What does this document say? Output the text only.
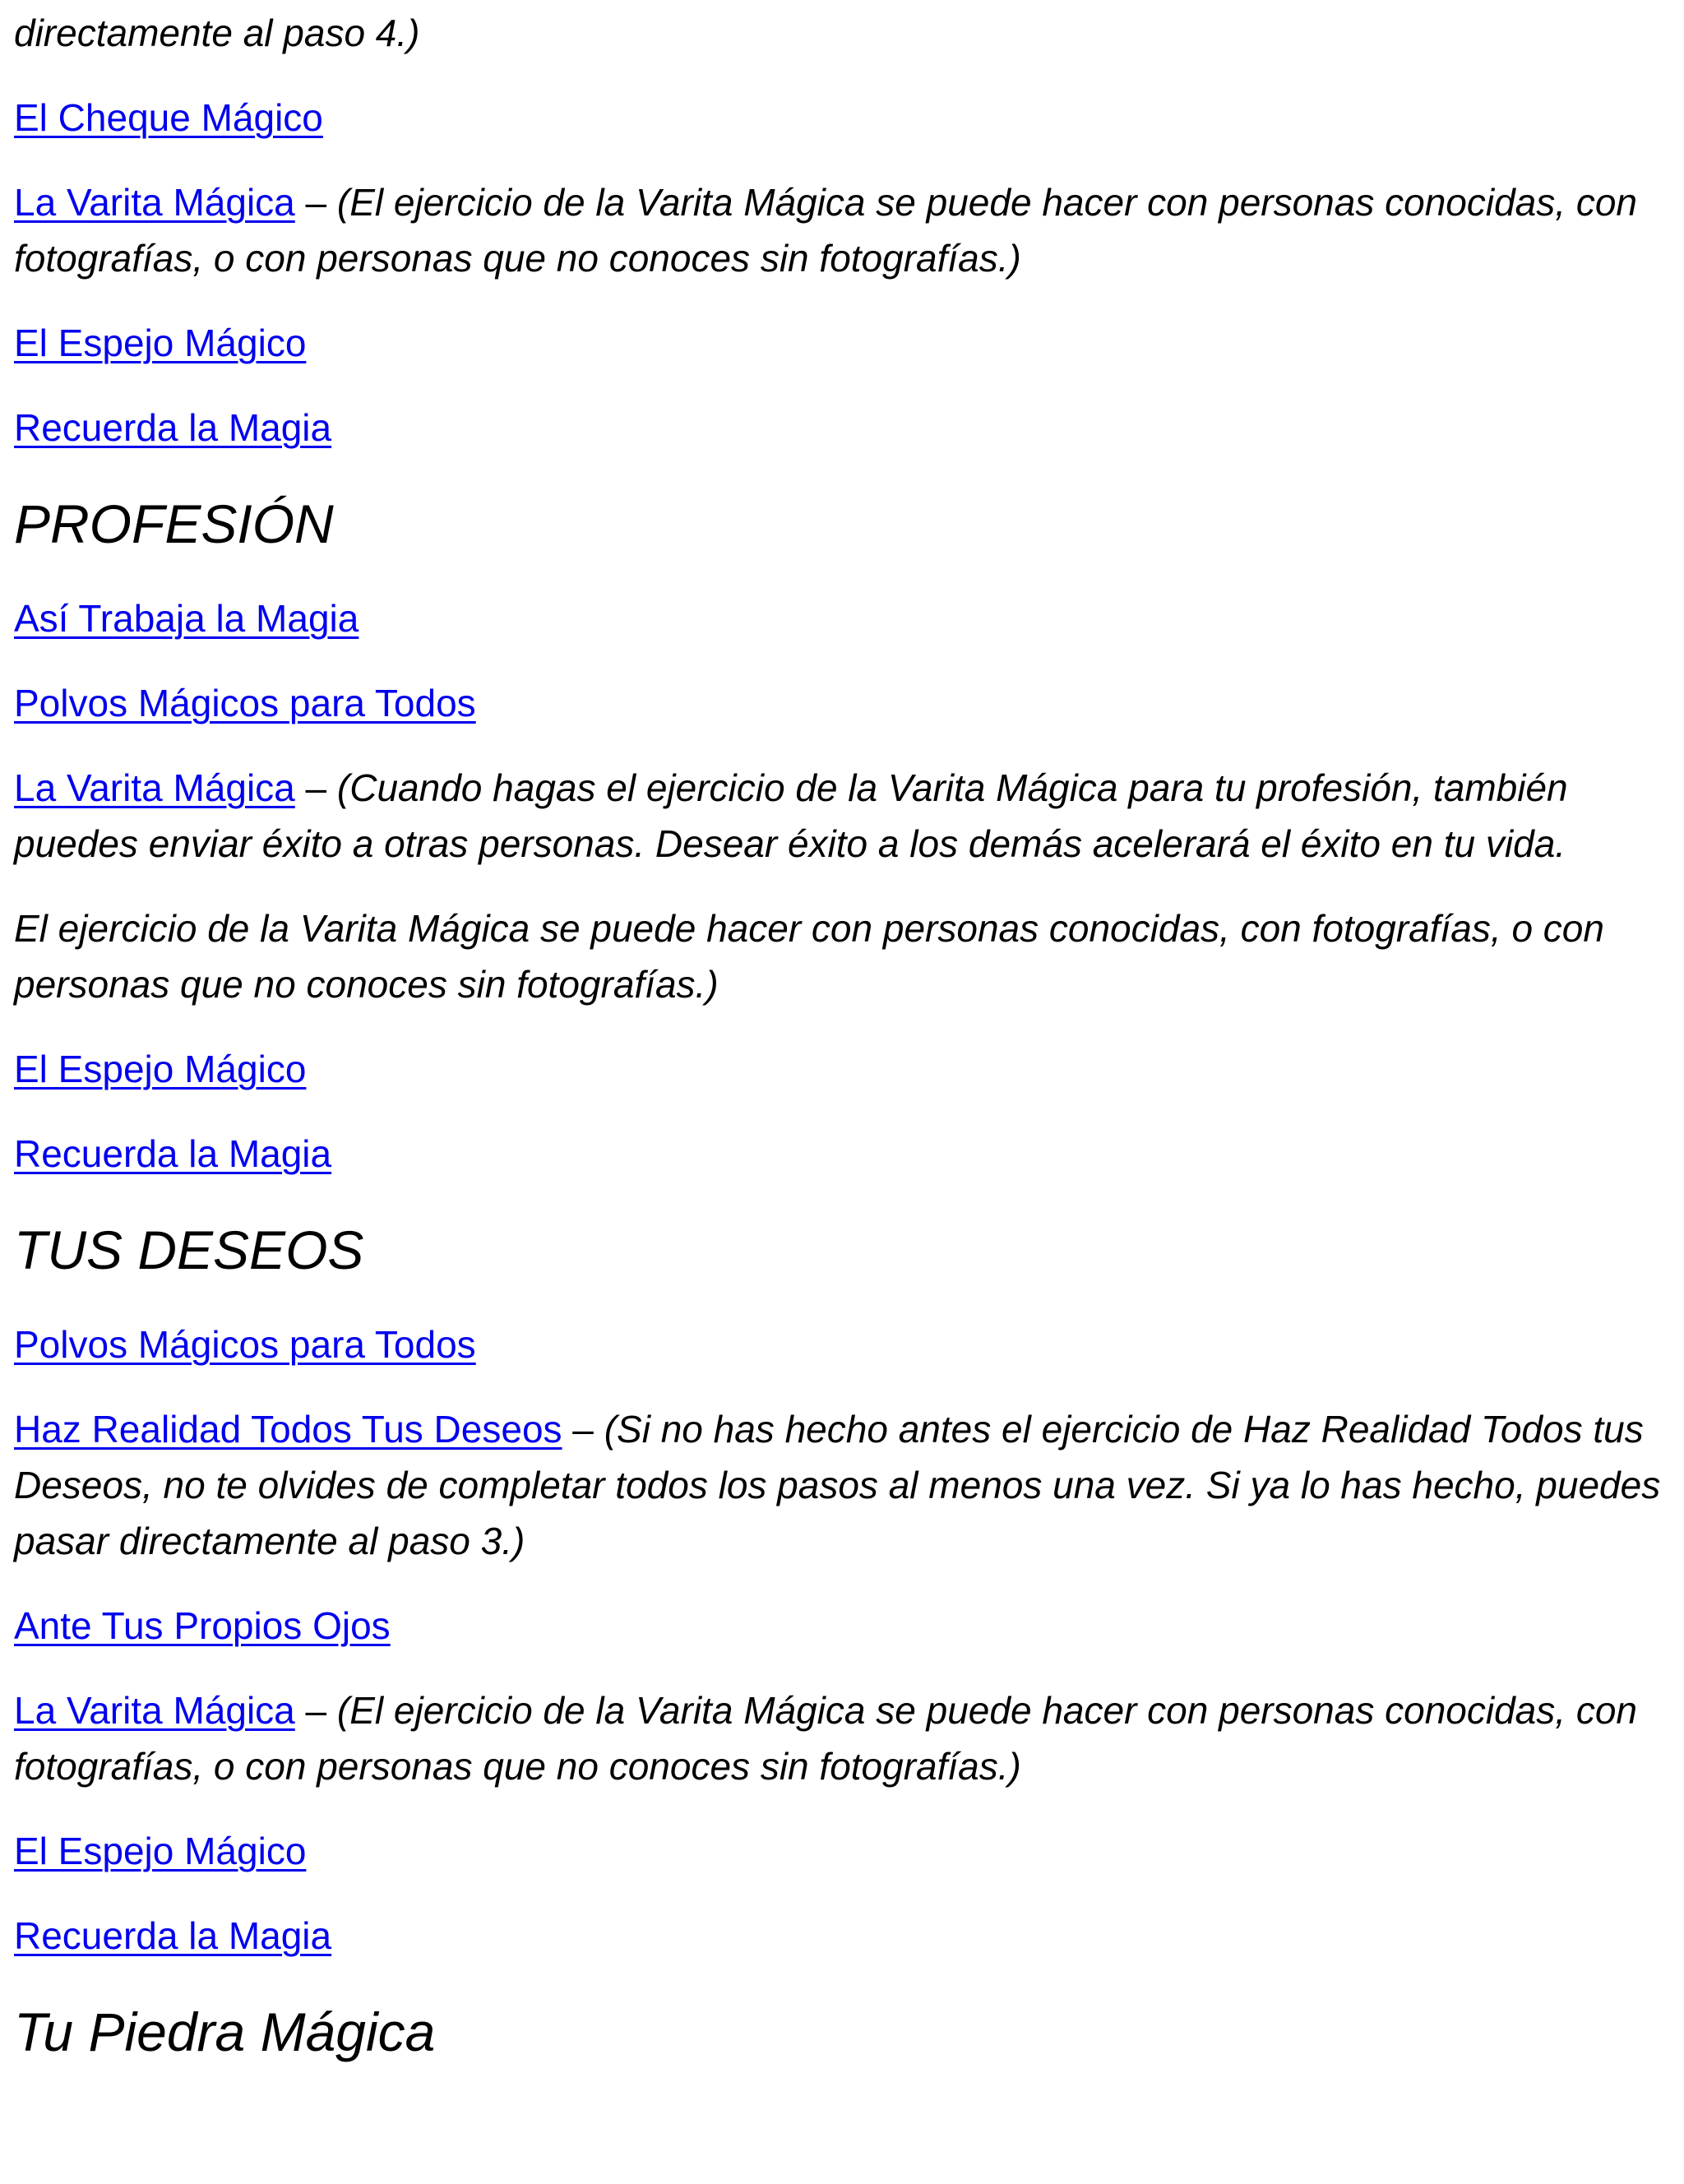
directamente al paso 4.)

El Cheque Mágico

La Varita Mágica – (El ejercicio de la Varita Mágica se puede hacer con personas conocidas, con fotografías, o con personas que no conoces sin fotografías.)

El Espejo Mágico

Recuerda la Magia

PROFESIÓN

Así Trabaja la Magia

Polvos Mágicos para Todos

La Varita Mágica – (Cuando hagas el ejercicio de la Varita Mágica para tu profesión, también puedes enviar éxito a otras personas. Desear éxito a los demás acelerará el éxito en tu vida.

El ejercicio de la Varita Mágica se puede hacer con personas conocidas, con fotografías, o con personas que no conoces sin fotografías.)

El Espejo Mágico

Recuerda la Magia

TUS DESEOS

Polvos Mágicos para Todos

Haz Realidad Todos Tus Deseos – (Si no has hecho antes el ejercicio de Haz Realidad Todos tus Deseos, no te olvides de completar todos los pasos al menos una vez. Si ya lo has hecho, puedes pasar directamente al paso 3.)

Ante Tus Propios Ojos

La Varita Mágica – (El ejercicio de la Varita Mágica se puede hacer con personas conocidas, con fotografías, o con personas que no conoces sin fotografías.)

El Espejo Mágico

Recuerda la Magia

Tu Piedra Mágica
